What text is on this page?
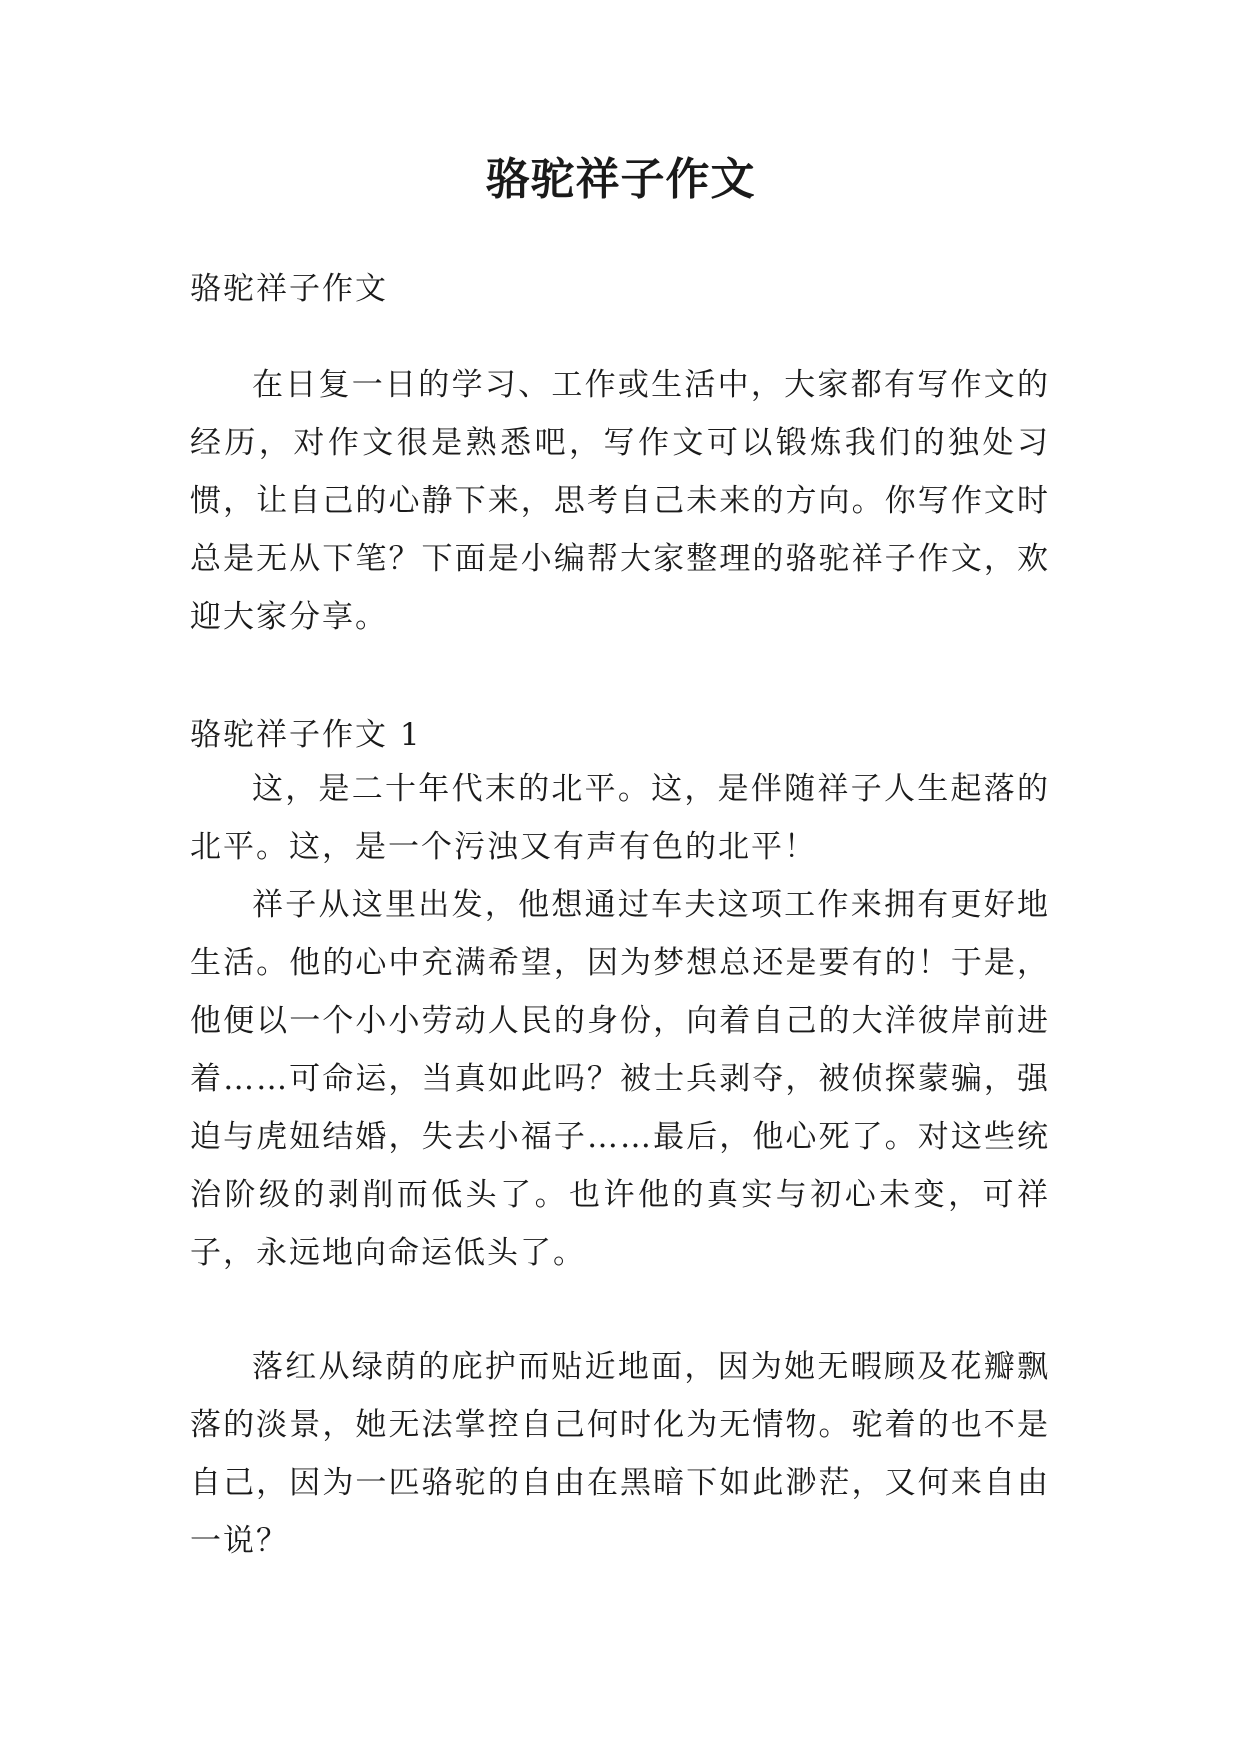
骆驼祥子作文

骆驼祥子作文

在日复一日的学习、工作或生活中，大家都有写作文的经历，对作文很是熟悉吧，写作文可以锻炼我们的独处习惯，让自己的心静下来，思考自己未来的方向。你写作文时总是无从下笔？下面是小编帮大家整理的骆驼祥子作文，欢迎大家分享。

骆驼祥子作文 1

这，是二十年代末的北平。这，是伴随祥子人生起落的北平。这，是一个污浊又有声有色的北平！

祥子从这里出发，他想通过车夫这项工作来拥有更好地生活。他的心中充满希望，因为梦想总还是要有的！于是，他便以一个小小劳动人民的身份，向着自己的大洋彼岸前进着……可命运，当真如此吗？被士兵剥夺，被侦探蒙骗，强迫与虎妞结婚，失去小福子……最后，他心死了。对这些统治阶级的剥削而低头了。也许他的真实与初心未变，可祥子，永远地向命运低头了。

落红从绿荫的庇护而贴近地面，因为她无暇顾及花瓣飘落的淡景，她无法掌控自己何时化为无情物。驼着的也不是自己，因为一匹骆驼的自由在黑暗下如此渺茫，又何来自由一说？
